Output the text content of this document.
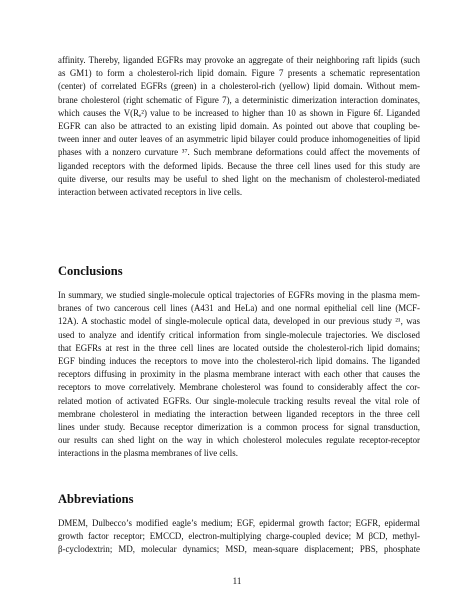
affinity. Thereby, liganded EGFRs may provoke an aggregate of their neighboring raft lipids (such
as GM1) to form a cholesterol-rich lipid domain. Figure 7 presents a schematic representation
(center) of correlated EGFRs (green) in a cholesterol-rich (yellow) lipid domain. Without mem-
brane cholesterol (right schematic of Figure 7), a deterministic dimerization interaction dominates,
which causes the V(Rₑ²) value to be increased to higher than 10 as shown in Figure 6f. Liganded
EGFR can also be attracted to an existing lipid domain. As pointed out above that coupling be-
tween inner and outer leaves of an asymmetric lipid bilayer could produce inhomogeneities of lipid
phases with a nonzero curvature ³⁷. Such membrane deformations could affect the movements of
liganded receptors with the deformed lipids. Because the three cell lines used for this study are
quite diverse, our results may be useful to shed light on the mechanism of cholesterol-mediated
interaction between activated receptors in live cells.
Conclusions
In summary, we studied single-molecule optical trajectories of EGFRs moving in the plasma mem-
branes of two cancerous cell lines (A431 and HeLa) and one normal epithelial cell line (MCF-
12A). A stochastic model of single-molecule optical data, developed in our previous study ²¹, was
used to analyze and identify critical information from single-molecule trajectories. We disclosed
that EGFRs at rest in the three cell lines are located outside the cholesterol-rich lipid domains;
EGF binding induces the receptors to move into the cholesterol-rich lipid domains. The liganded
receptors diffusing in proximity in the plasma membrane interact with each other that causes the
receptors to move correlatively. Membrane cholesterol was found to considerably affect the cor-
related motion of activated EGFRs. Our single-molecule tracking results reveal the vital role of
membrane cholesterol in mediating the interaction between liganded receptors in the three cell
lines under study. Because receptor dimerization is a common process for signal transduction,
our results can shed light on the way in which cholesterol molecules regulate receptor-receptor
interactions in the plasma membranes of live cells.
Abbreviations
DMEM, Dulbecco’s modified eagle’s medium; EGF, epidermal growth factor; EGFR, epidermal
growth factor receptor; EMCCD, electron-multiplying charge-coupled device; M βCD, methyl-
β-cyclodextrin; MD, molecular dynamics; MSD, mean-square displacement; PBS, phosphate
11
